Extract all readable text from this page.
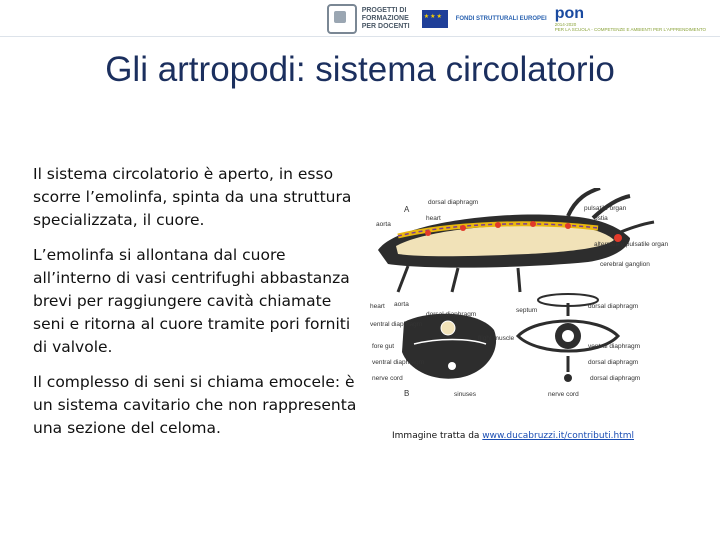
PROGETTI DI FORMAZIONE PER DOCENTI
★★★
FONDI STRUTTURALI EUROPEI pon
2014-2020
PER LA SCUOLA - COMPETENZE E AMBIENTI PER L'APPRENDIMENTO
Gli artropodi: sistema circolatorio

Il sistema circolatorio è aperto, in esso scorre l’emolinfa, spinta da una struttura specializzata, il cuore.

L’emolinfa si allontana dal cuore all’interno di vasi centrifughi abbastanza brevi per raggiungere cavità chiamate seni e ritorna al cuore tramite pori forniti di valvole.

Il complesso di seni si chiama emocele: è un sistema cavitario che non rappresenta una sezione del celoma.

A
dorsal diaphragm
heart
pulsatile organ
aorta
ostia
alternately pulsatile organ
cerebral ganglion
B
dorsal diaphragm
ventral diaphragm
aorta
heart
septum
flight muscle
fore gut
ventral diaphragm
nerve cord
dorsal diaphragm
ventral diaphragm
dorsal diaphragm
sinuses	nerve cord
dorsal diaphragm
Immagine tratta da www.ducabruzzi.it/contributi.html
